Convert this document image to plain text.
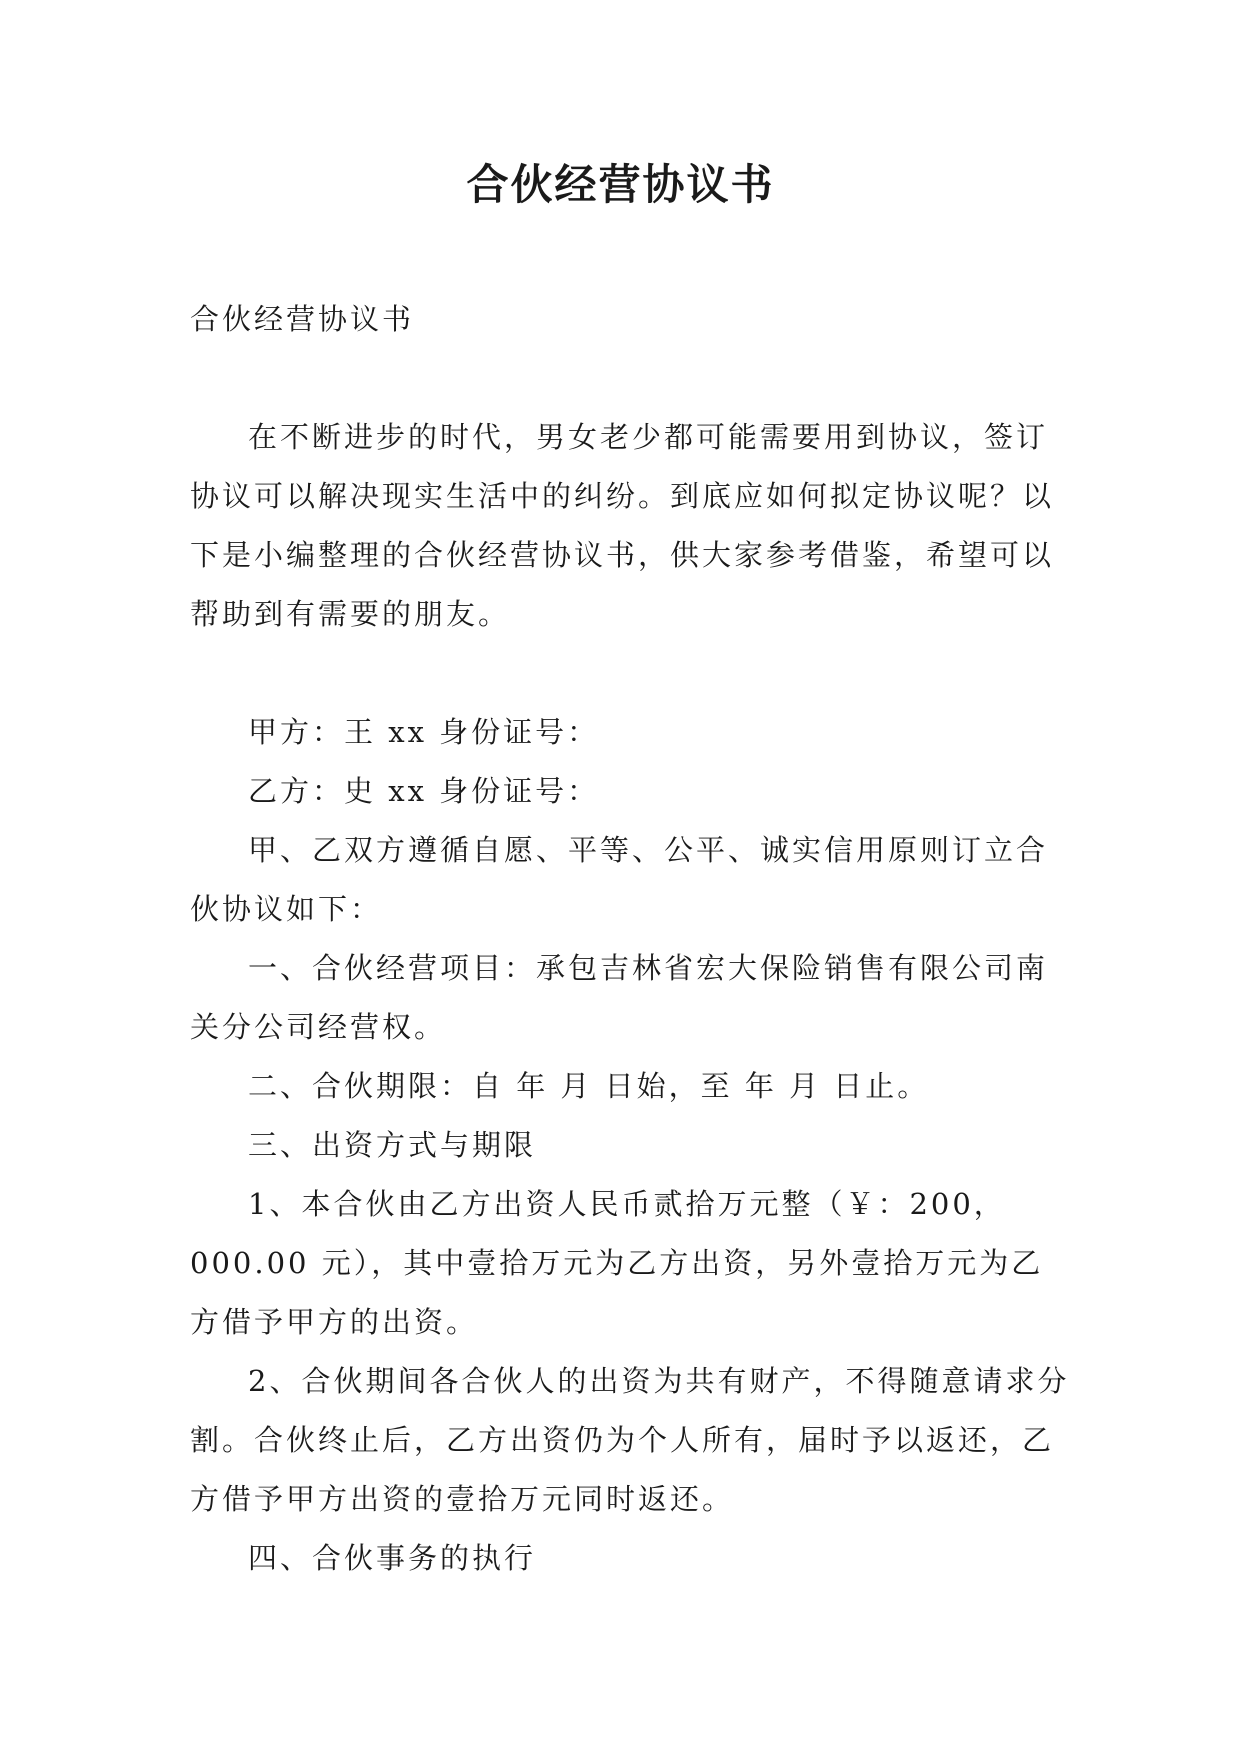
合伙经营协议书

合伙经营协议书

在不断进步的时代，男女老少都可能需要用到协议，签订协议可以解决现实生活中的纠纷。到底应如何拟定协议呢？以下是小编整理的合伙经营协议书，供大家参考借鉴，希望可以帮助到有需要的朋友。

甲方：王 xx 身份证号：

乙方：史 xx 身份证号：

甲、乙双方遵循自愿、平等、公平、诚实信用原则订立合伙协议如下：

一、合伙经营项目：承包吉林省宏大保险销售有限公司南关分公司经营权。

二、合伙期限：自 年 月 日始，至 年 月 日止。

三、出资方式与期限

1、本合伙由乙方出资人民币贰拾万元整（￥：200，000.00 元），其中壹拾万元为乙方出资，另外壹拾万元为乙方借予甲方的出资。

2、合伙期间各合伙人的出资为共有财产，不得随意请求分割。合伙终止后，乙方出资仍为个人所有，届时予以返还，乙方借予甲方出资的壹拾万元同时返还。

四、合伙事务的执行
